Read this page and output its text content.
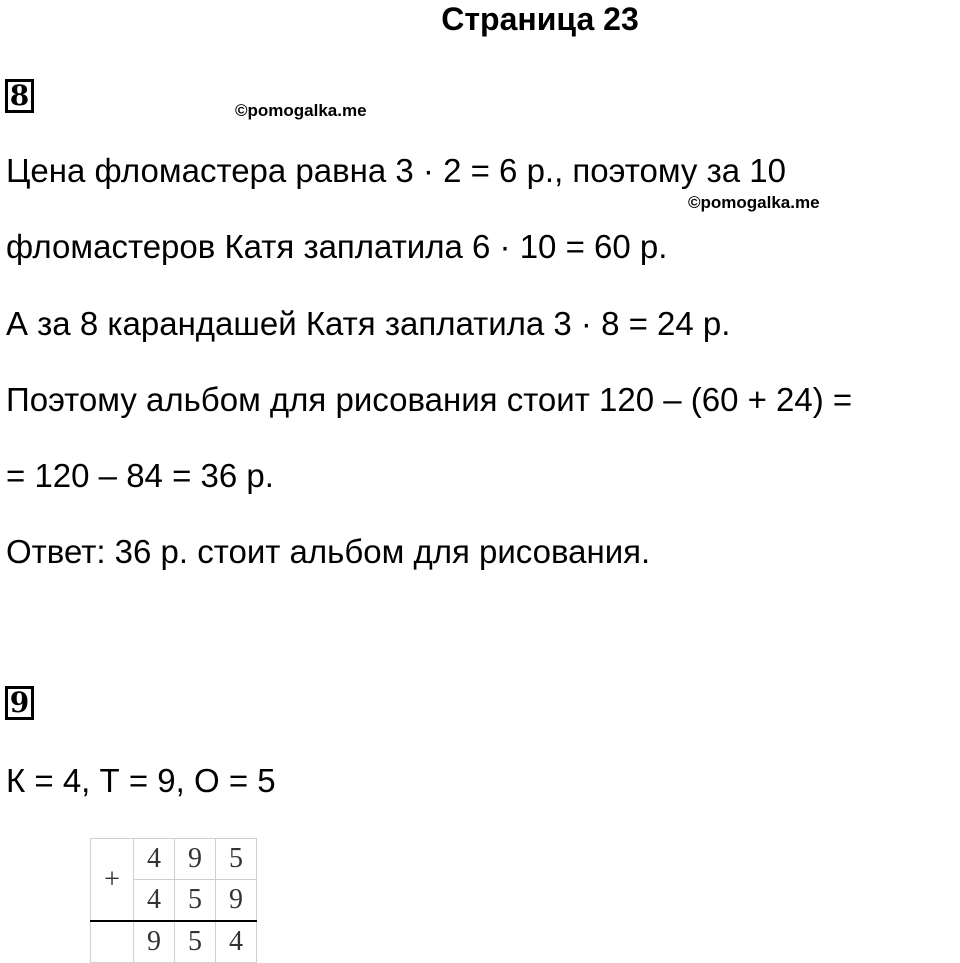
Страница 23
8	©pomogalka.me
Цена фломастера равна 3 · 2 = 6 р., поэтому за 10
©pomogalka.me
фломастеров Катя заплатила 6 · 10 = 60 р.
А за 8 карандашей Катя заплатила 3 · 8 = 24 р.
Поэтому альбом для рисования стоит 120 – (60 + 24) =
= 120 – 84 = 36 р.
Ответ: 36 р. стоит альбом для рисования.
9
К = 4, Т = 9, О = 5
+	4	9	5
	4	5	9
	9	5	4
